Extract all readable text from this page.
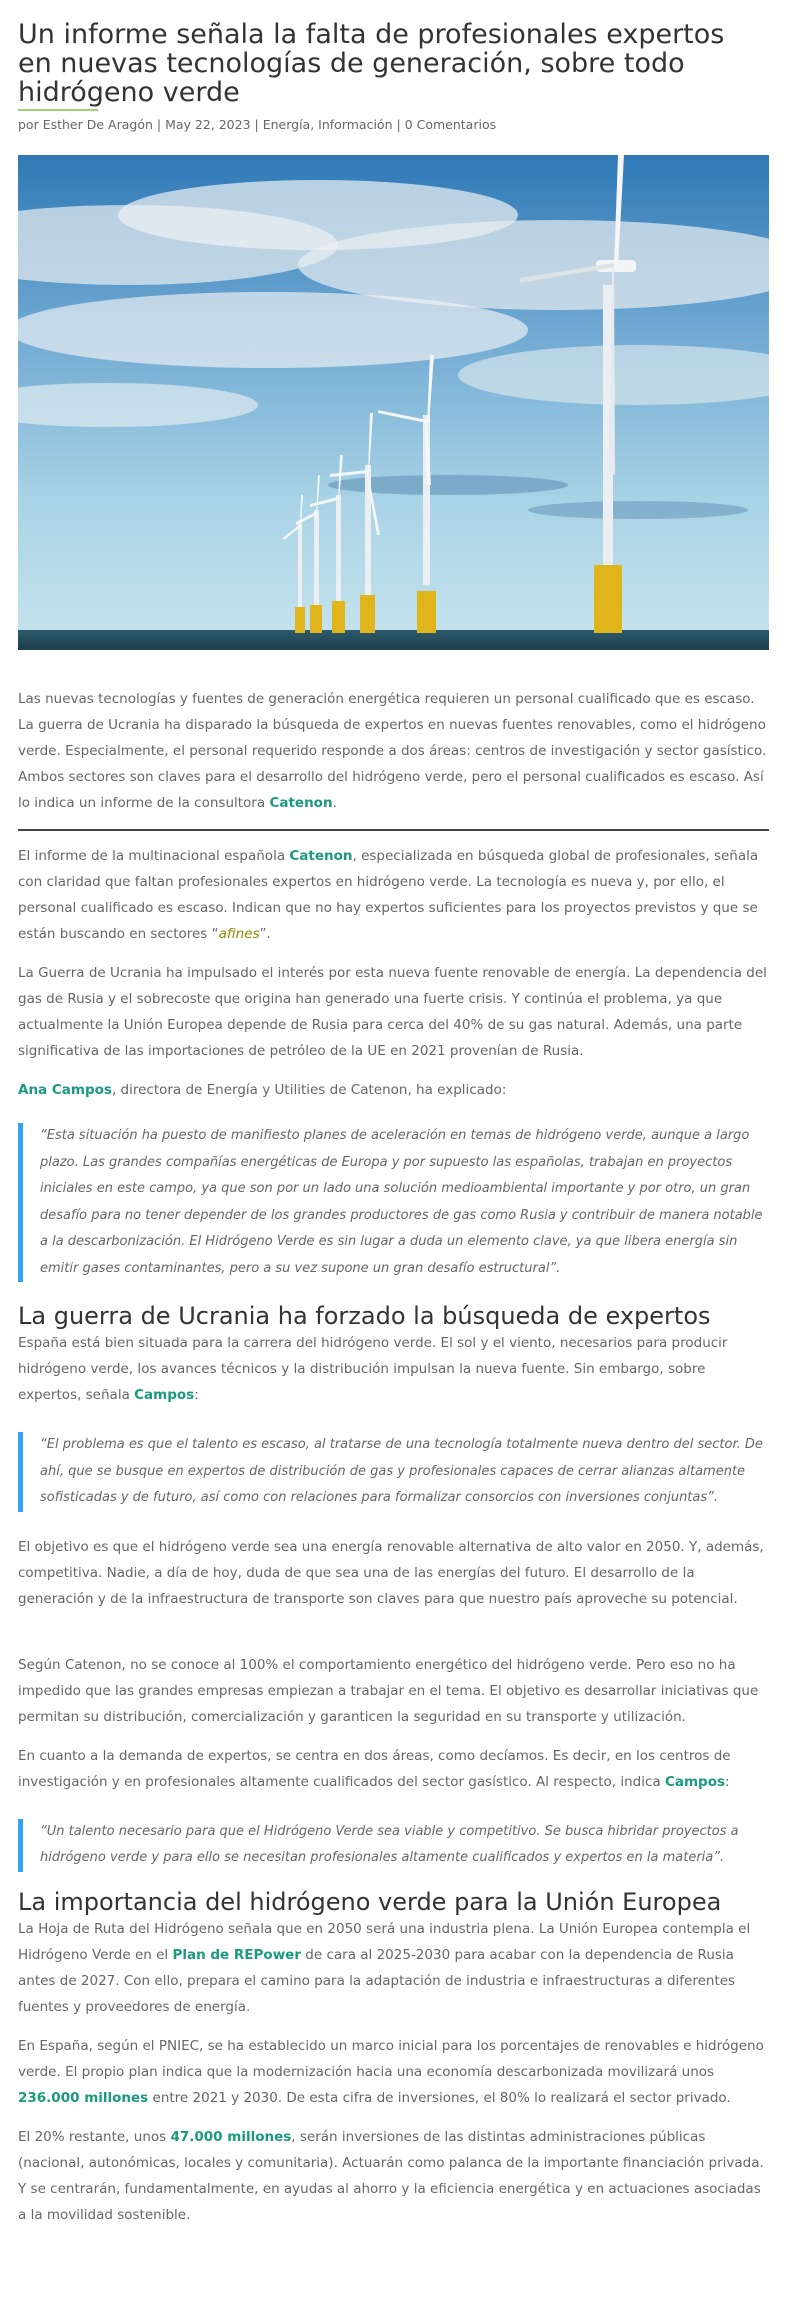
Un informe señala la falta de profesionales expertos en nuevas tecnologías de generación, sobre todo hidrógeno verde
por Esther De Aragón | May 22, 2023 | Energía, Información | 0 Comentarios

Las nuevas tecnologías y fuentes de generación energética requieren un personal cualificado que es escaso. La guerra de Ucrania ha disparado la búsqueda de expertos en nuevas fuentes renovables, como el hidrógeno verde. Especialmente, el personal requerido responde a dos áreas: centros de investigación y sector gasístico. Ambos sectores son claves para el desarrollo del hidrógeno verde, pero el personal cualificados es escaso. Así lo indica un informe de la consultora Catenon.

El informe de la multinacional española Catenon, especializada en búsqueda global de profesionales, señala con claridad que faltan profesionales expertos en hidrógeno verde. La tecnología es nueva y, por ello, el personal cualificado es escaso. Indican que no hay expertos suficientes para los proyectos previstos y que se están buscando en sectores “afines”.

La Guerra de Ucrania ha impulsado el interés por esta nueva fuente renovable de energía. La dependencia del gas de Rusia y el sobrecoste que origina han generado una fuerte crisis. Y continúa el problema, ya que actualmente la Unión Europea depende de Rusia para cerca del 40% de su gas natural. Además, una parte significativa de las importaciones de petróleo de la UE en 2021 provenían de Rusia.

Ana Campos, directora de Energía y Utilities de Catenon, ha explicado:

“Esta situación ha puesto de manifiesto planes de aceleración en temas de hidrógeno verde, aunque a largo plazo. Las grandes compañías energéticas de Europa y por supuesto las españolas, trabajan en proyectos iniciales en este campo, ya que son por un lado una solución medioambiental importante y por otro, un gran desafío para no tener depender de los grandes productores de gas como Rusia y contribuir de manera notable a la descarbonización. El Hidrógeno Verde es sin lugar a duda un elemento clave, ya que libera energía sin emitir gases contaminantes, pero a su vez supone un gran desafío estructural”.
La guerra de Ucrania ha forzado la búsqueda de expertos

España está bien situada para la carrera del hidrógeno verde. El sol y el viento, necesarios para producir hidrógeno verde, los avances técnicos y la distribución impulsan la nueva fuente. Sin embargo, sobre expertos, señala Campos:

“El problema es que el talento es escaso, al tratarse de una tecnología totalmente nueva dentro del sector. De ahí, que se busque en expertos de distribución de gas y profesionales capaces de cerrar alianzas altamente sofisticadas y de futuro, así como con relaciones para formalizar consorcios con inversiones conjuntas”.

El objetivo es que el hidrógeno verde sea una energía renovable alternativa de alto valor en 2050. Y, además, competitiva. Nadie, a día de hoy, duda de que sea una de las energías del futuro. El desarrollo de la generación y de la infraestructura de transporte son claves para que nuestro país aproveche su potencial.

Según Catenon, no se conoce al 100% el comportamiento energético del hidrógeno verde. Pero eso no ha impedido que las grandes empresas empiezan a trabajar en el tema. El objetivo es desarrollar iniciativas que permitan su distribución, comercialización y garanticen la seguridad en su transporte y utilización.

En cuanto a la demanda de expertos, se centra en dos áreas, como decíamos. Es decir, en los centros de investigación y en profesionales altamente cualificados del sector gasístico. Al respecto, indica Campos:

“Un talento necesario para que el Hidrógeno Verde sea viable y competitivo. Se busca hibridar proyectos a hidrógeno verde y para ello se necesitan profesionales altamente cualificados y expertos en la materia”.
La importancia del hidrógeno verde para la Unión Europea

La Hoja de Ruta del Hidrógeno señala que en 2050 será una industria plena. La Unión Europea contempla el Hidrógeno Verde en el Plan de REPower de cara al 2025-2030 para acabar con la dependencia de Rusia antes de 2027. Con ello, prepara el camino para la adaptación de industria e infraestructuras a diferentes fuentes y proveedores de energía.

En España, según el PNIEC, se ha establecido un marco inicial para los porcentajes de renovables e hidrógeno verde. El propio plan indica que la modernización hacia una economía descarbonizada movilizará unos 236.000 millones entre 2021 y 2030. De esta cifra de inversiones, el 80% lo realizará el sector privado.

El 20% restante, unos 47.000 millones, serán inversiones de las distintas administraciones públicas (nacional, autonómicas, locales y comunitaria). Actuarán como palanca de la importante financiación privada. Y se centrarán, fundamentalmente, en ayudas al ahorro y la eficiencia energética y en actuaciones asociadas a la movilidad sostenible.
